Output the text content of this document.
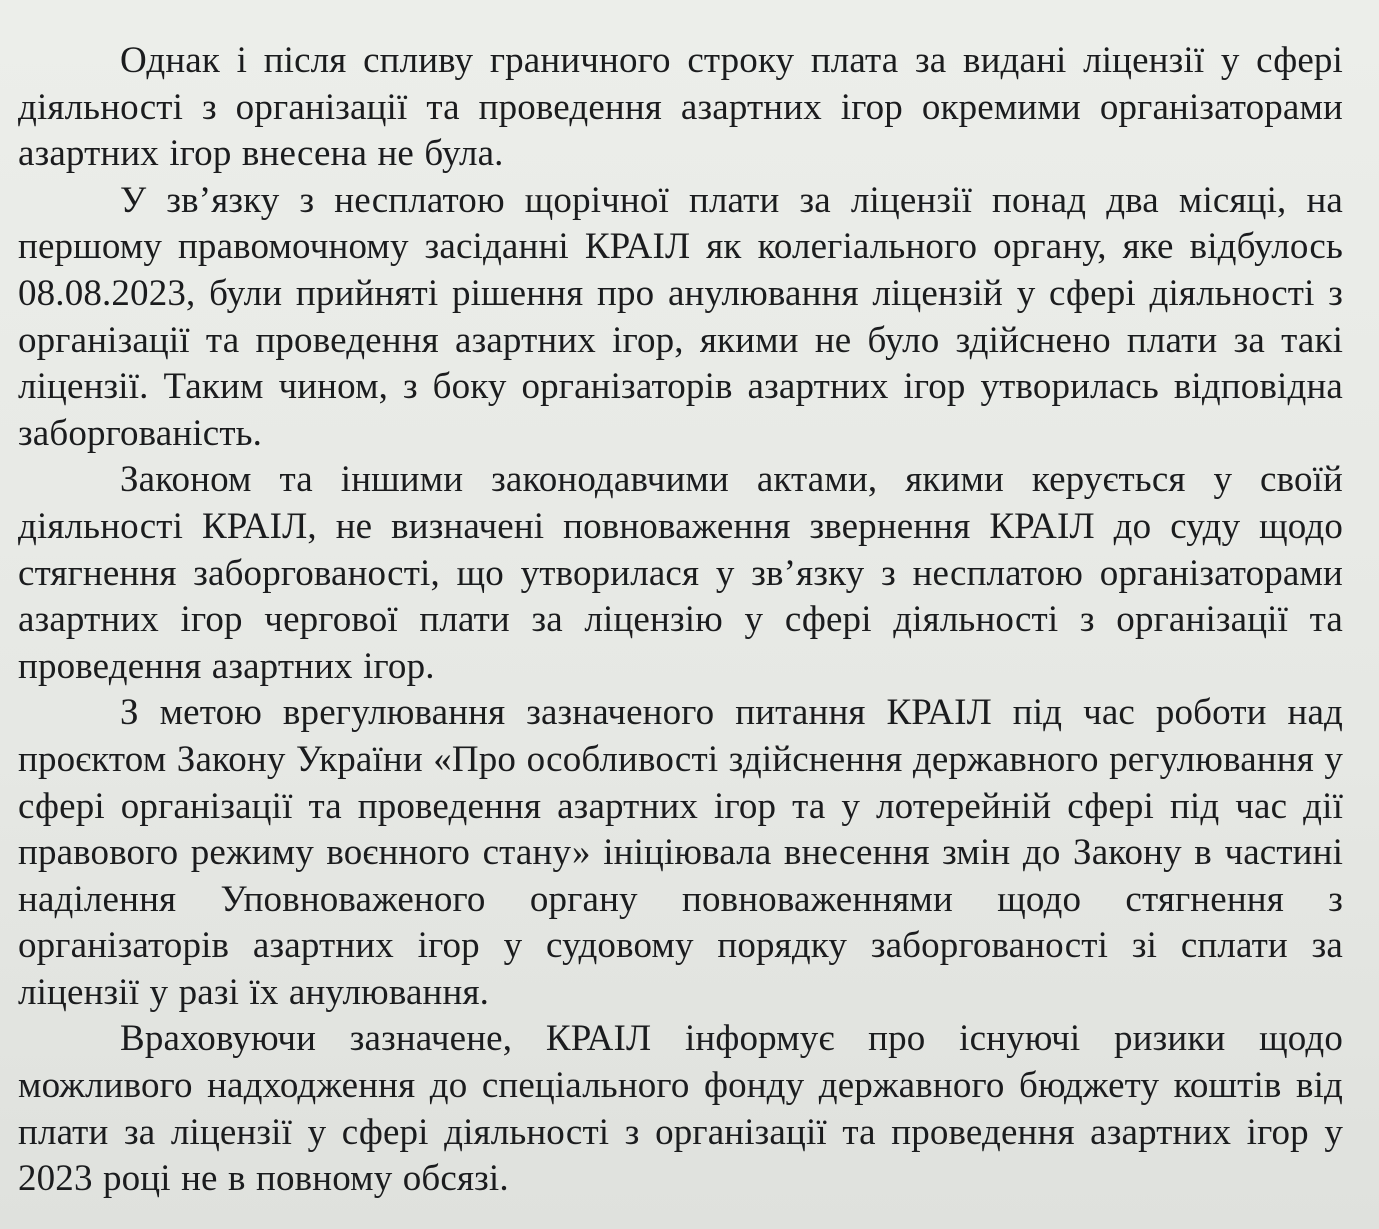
Однак і після спливу граничного строку плата за видані ліцензії у сфері діяльності з організації та проведення азартних ігор окремими організаторами азартних ігор внесена не була.

У зв’язку з несплатою щорічної плати за ліцензії понад два місяці, на першому правомочному засіданні КРАІЛ як колегіального органу, яке відбулось 08.08.2023, були прийняті рішення про анулювання ліцензій у сфері діяльності з організації та проведення азартних ігор, якими не було здійснено плати за такі ліцензії. Таким чином, з боку організаторів азартних ігор утворилась відповідна заборгованість.

Законом та іншими законодавчими актами, якими керується у своїй діяльності КРАІЛ, не визначені повноваження звернення КРАІЛ до суду щодо стягнення заборгованості, що утворилася у зв’язку з несплатою організаторами азартних ігор чергової плати за ліцензію у сфері діяльності з організації та проведення азартних ігор.

З метою врегулювання зазначеного питання КРАІЛ під час роботи над проєктом Закону України «Про особливості здійснення державного регулювання у сфері організації та проведення азартних ігор та у лотерейній сфері під час дії правового режиму воєнного стану» ініціювала внесення змін до Закону в частині наділення Уповноваженого органу повноваженнями щодо стягнення з організаторів азартних ігор у судовому порядку заборгованості зі сплати за ліцензії у разі їх анулювання.

Враховуючи зазначене, КРАІЛ інформує про існуючі ризики щодо можливого надходження до спеціального фонду державного бюджету коштів від плати за ліцензії у сфері діяльності з організації та проведення азартних ігор у 2023 році не в повному обсязі.
